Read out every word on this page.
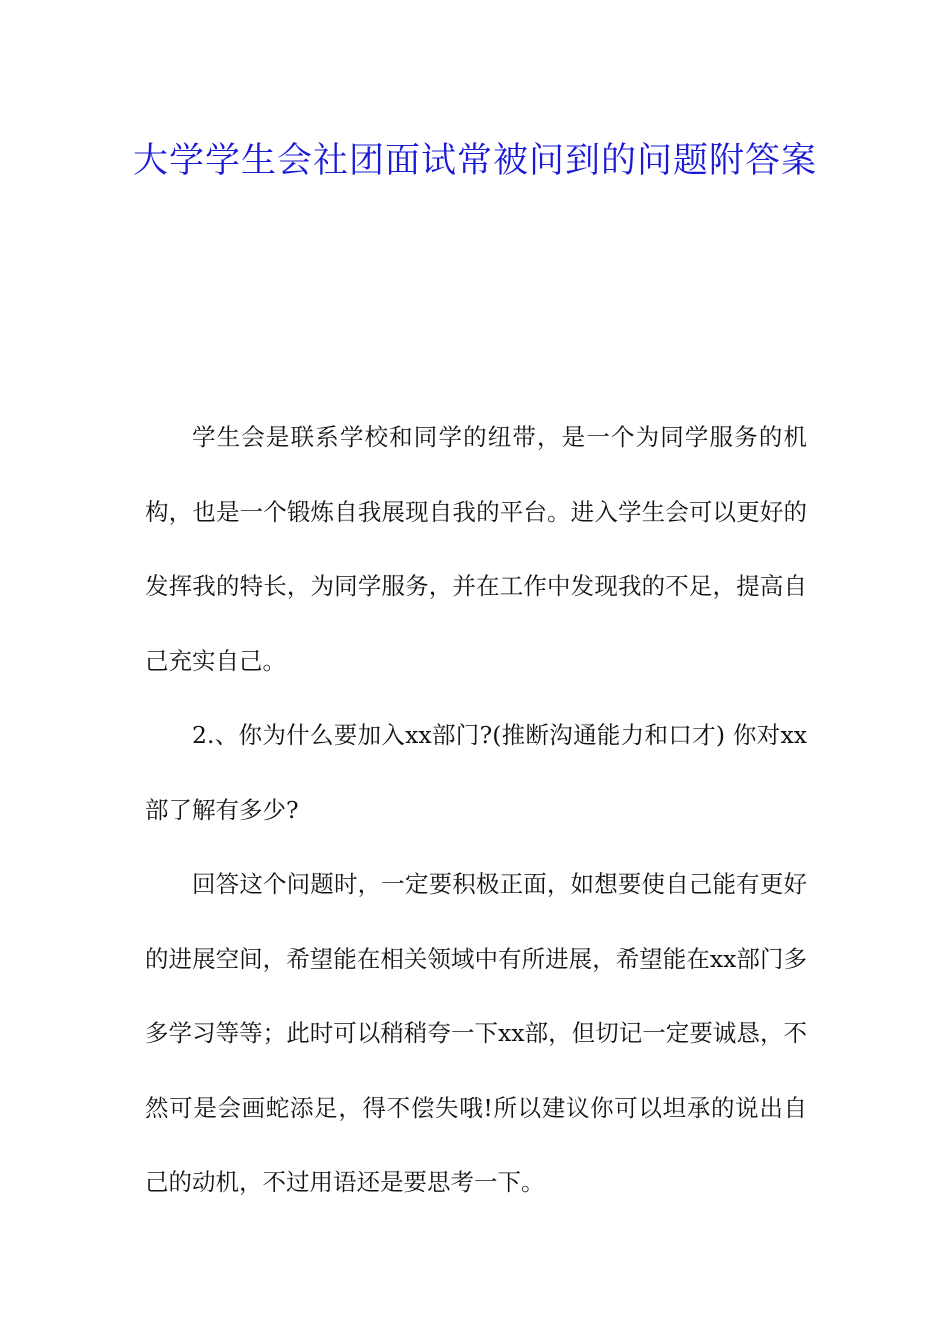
大学学生会社团面试常被问到的问题附答案

学生会是联系学校和同学的纽带，是一个为同学服务的机构，也是一个锻炼自我展现自我的平台。进入学生会可以更好的发挥我的特长，为同学服务，并在工作中发现我的不足，提高自己充实自己。

2.、你为什么要加入xx部门?(推断沟通能力和口才) 你对xx部了解有多少?

回答这个问题时，一定要积极正面，如想要使自己能有更好的进展空间，希望能在相关领域中有所进展，希望能在xx部门多多学习等等；此时可以稍稍夸一下xx部，但切记一定要诚恳，不然可是会画蛇添足，得不偿失哦!所以建议你可以坦承的说出自己的动机，不过用语还是要思考一下。
